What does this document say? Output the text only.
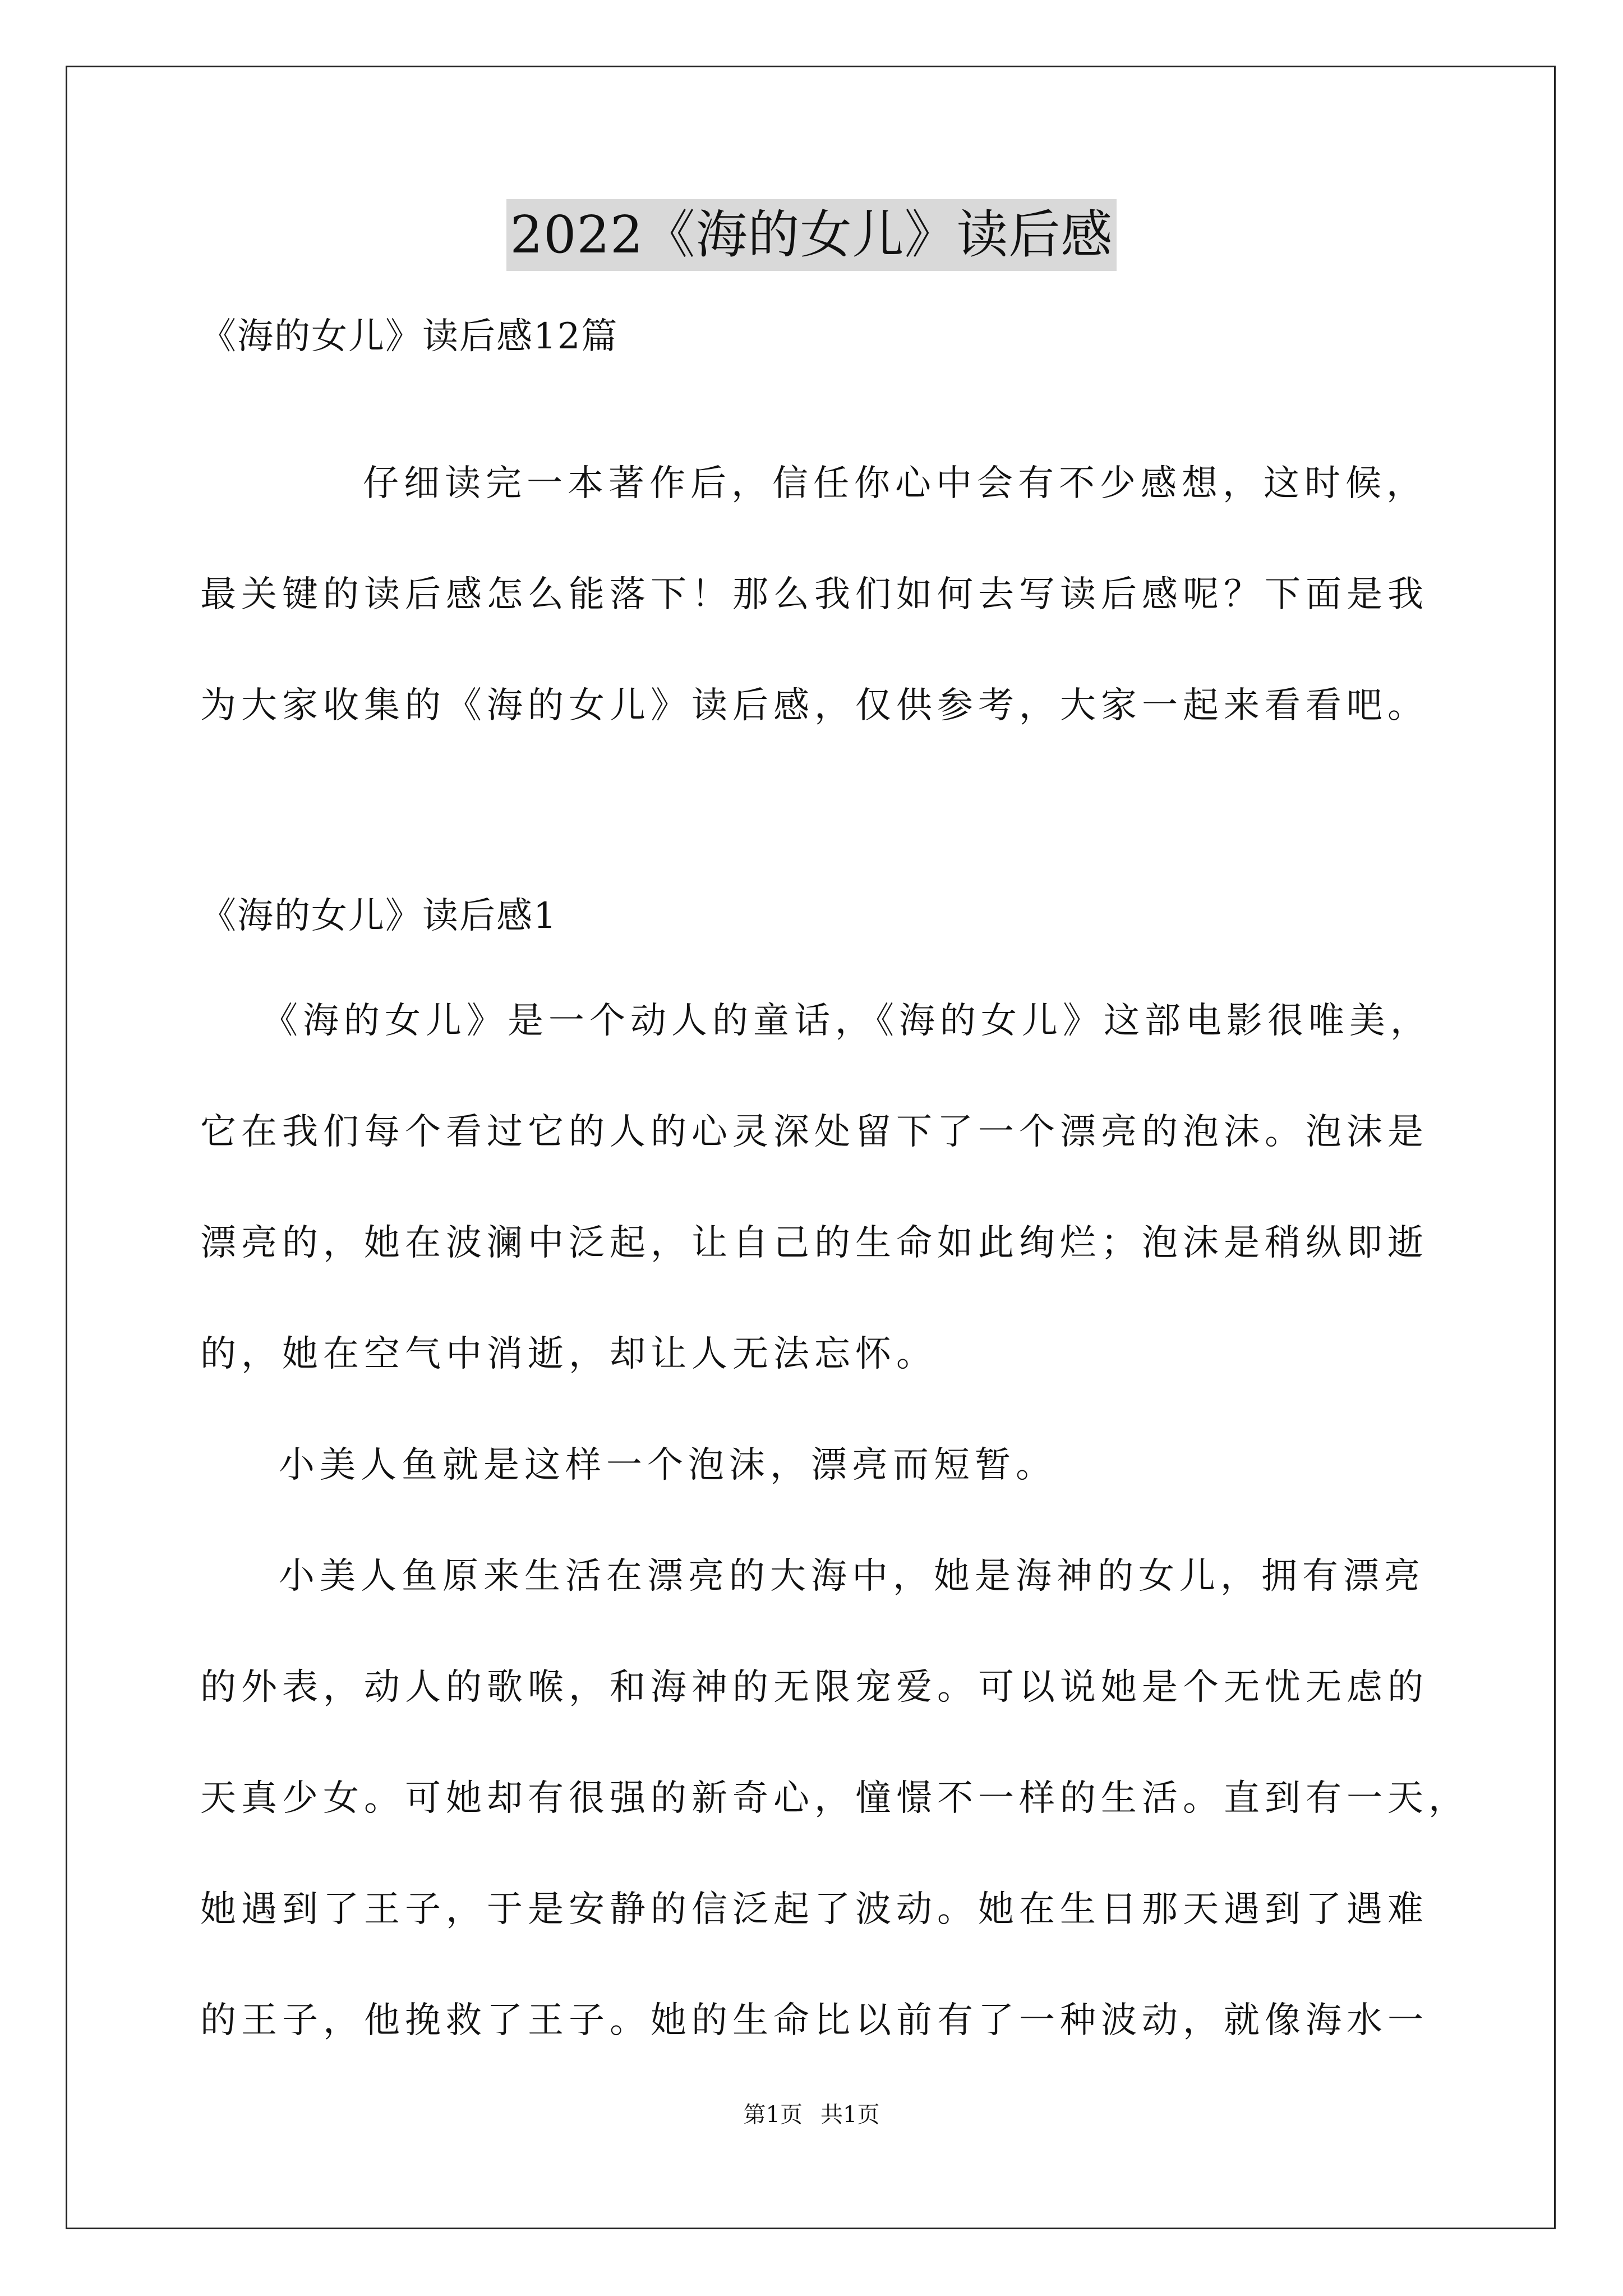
2022《海的女儿》读后感
《海的女儿》读后感12篇
仔细读完一本著作后，信任你心中会有不少感想，这时候，
最关键的读后感怎么能落下！那么我们如何去写读后感呢？下面是我
为大家收集的《海的女儿》读后感，仅供参考，大家一起来看看吧。
《海的女儿》读后感1
《海的女儿》是一个动人的童话，《海的女儿》这部电影很唯美，
它在我们每个看过它的人的心灵深处留下了一个漂亮的泡沫。泡沫是
漂亮的，她在波澜中泛起，让自己的生命如此绚烂；泡沫是稍纵即逝
的，她在空气中消逝，却让人无法忘怀。
小美人鱼就是这样一个泡沫，漂亮而短暂。
小美人鱼原来生活在漂亮的大海中，她是海神的女儿，拥有漂亮
的外表，动人的歌喉，和海神的无限宠爱。可以说她是个无忧无虑的
天真少女。可她却有很强的新奇心，憧憬不一样的生活。直到有一天，
她遇到了王子，于是安静的信泛起了波动。她在生日那天遇到了遇难
的王子，他挽救了王子。她的生命比以前有了一种波动，就像海水一
第1页 共1页
